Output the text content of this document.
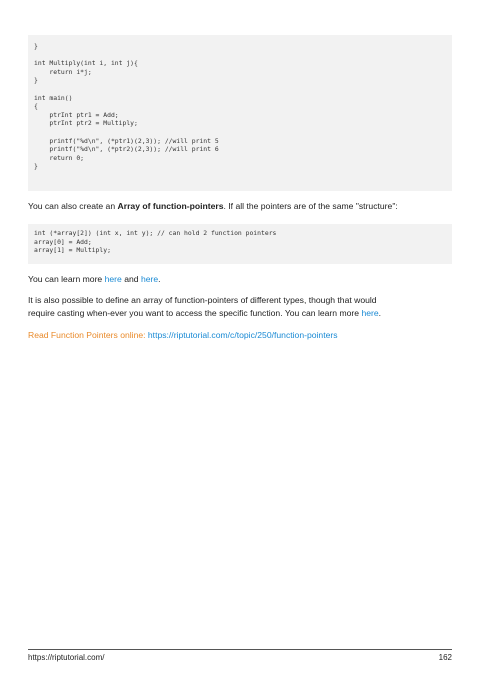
}
int Multiply(int i, int j){
return i*j;
}
int main()
{
ptrInt ptr1 = Add;
ptrInt ptr2 = Multiply;
printf("%d\n", (*ptr1)(2,3)); //will print 5
printf("%d\n", (*ptr2)(2,3)); //will print 6
return 0;
}
You can also create an Array of function-pointers. If all the pointers are of the same "structure":
int (*array[2]) (int x, int y); // can hold 2 function pointers
array[0] = Add;
array[1] = Multiply;
You can learn more here and here.
It is also possible to define an array of function-pointers of different types, though that would
require casting when-ever you want to access the specific function. You can learn more here.
Read Function Pointers online: https://riptutorial.com/c/topic/250/function-pointers
https://riptutorial.com/	162
